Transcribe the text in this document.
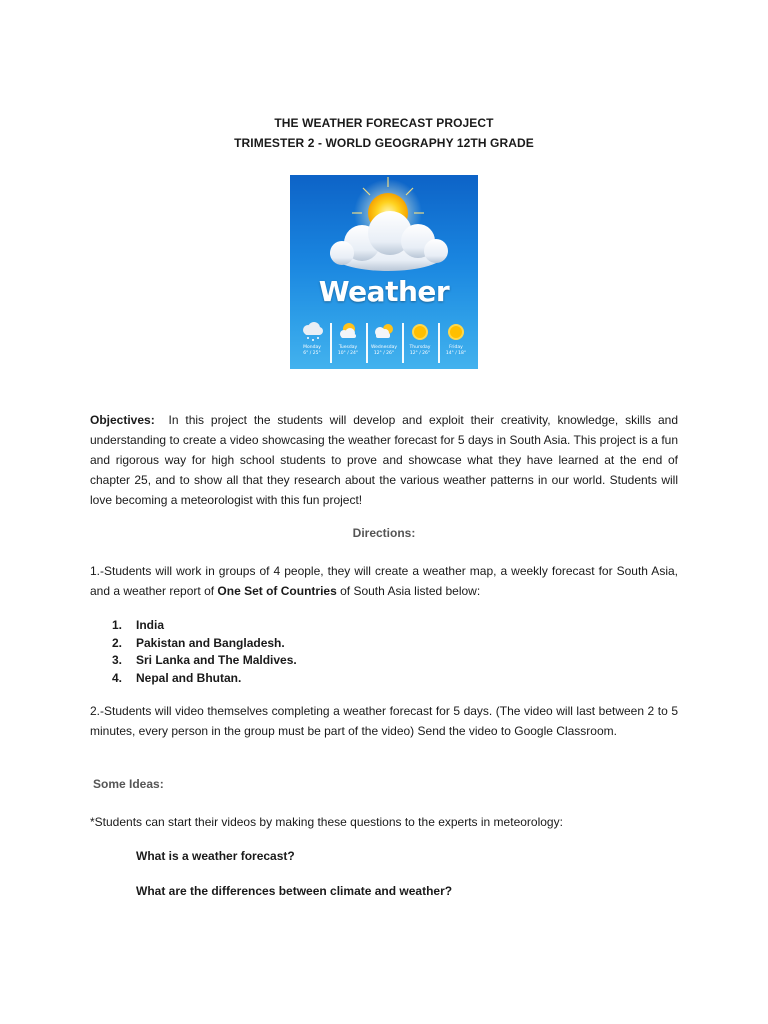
THE WEATHER FORECAST PROJECT
TRIMESTER 2 - WORLD GEOGRAPHY 12TH GRADE
Weather
Monday
6° / 25°
Tuesday
10° / 24°
Wednesday
12° / 26°
Thursday
12° / 26°
Friday
14° / 18°
Objectives: In this project the students will develop and exploit their creativity, knowledge, skills and understanding to create a video showcasing the weather forecast for 5 days in South Asia. This project is a fun and rigorous way for high school students to prove and showcase what they have learned at the end of chapter 25, and to show all that they research about the various weather patterns in our world. Students will love becoming a meteorologist with this fun project!
Directions:
1.-Students will work in groups of 4 people, they will create a weather map, a weekly forecast for South Asia, and a weather report of One Set of Countries of South Asia listed below:
1.	India
2.	Pakistan and Bangladesh.
3.	Sri Lanka and The Maldives.
4.	Nepal and Bhutan.
2.-Students will video themselves completing a weather forecast for 5 days. (The video will last between 2 to 5 minutes, every person in the group must be part of the video) Send the video to Google Classroom.
Some Ideas:
*Students can start their videos by making these questions to the experts in meteorology:
What is a weather forecast?
What are the differences between climate and weather?
